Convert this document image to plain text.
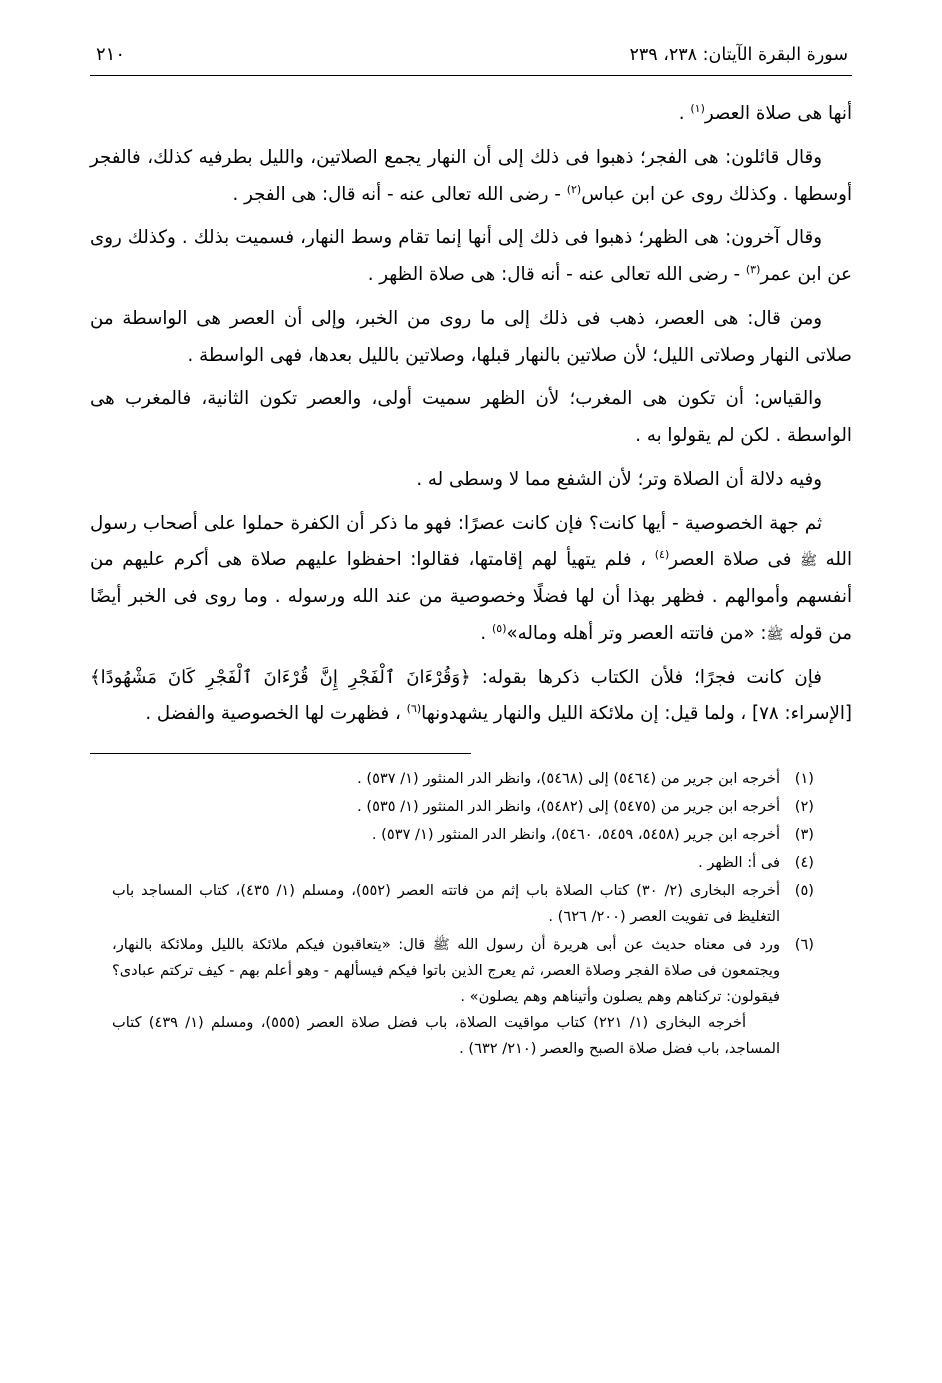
سورة البقرة الآيتان: ٢٣٨، ٢٣٩
٢١٠

أنها هى صلاة العصر$^{(١)}$ .

وقال قائلون: هى الفجر؛ ذهبوا فى ذلك إلى أن النهار يجمع الصلاتين، والليل بطرفيه كذلك، فالفجر أوسطها . وكذلك روى عن ابن عباس$^{(٢)}$ - رضى الله تعالى عنه - أنه قال: هى الفجر .

وقال آخرون: هى الظهر؛ ذهبوا فى ذلك إلى أنها إنما تقام وسط النهار، فسميت بذلك . وكذلك روى عن ابن عمر$^{(٣)}$ - رضى الله تعالى عنه - أنه قال: هى صلاة الظهر .

ومن قال: هى العصر، ذهب فى ذلك إلى ما روى من الخبر، وإلى أن العصر هى الواسطة من صلاتى النهار وصلاتى الليل؛ لأن صلاتين بالنهار قبلها، وصلاتين بالليل بعدها، فهى الواسطة .

والقياس: أن تكون هى المغرب؛ لأن الظهر سميت أولى، والعصر تكون الثانية، فالمغرب هى الواسطة . لكن لم يقولوا به .

وفيه دلالة أن الصلاة وتر؛ لأن الشفع مما لا وسطى له .

ثم جهة الخصوصية - أيها كانت؟ فإن كانت عصرًا: فهو ما ذكر أن الكفرة حملوا على أصحاب رسول الله ﷺ فى صلاة العصر$^{(٤)}$ ، فلم يتهيأ لهم إقامتها، فقالوا: احفظوا عليهم صلاة هى أكرم عليهم من أنفسهم وأموالهم . فظهر بهذا أن لها فضلًا وخصوصية من عند الله ورسوله . وما روى فى الخبر أيضًا من قوله ﷺ: «من فاتته العصر وتر أهله وماله»$^{(٥)}$ .

فإن كانت فجرًا؛ فلأن الكتاب ذكرها بقوله: ﴿وَقُرْءَانَ ٱلْفَجْرِ إِنَّ قُرْءَانَ ٱلْفَجْرِ كَانَ مَشْهُودًا﴾ [الإسراء: ٧٨] ، ولما قيل: إن ملائكة الليل والنهار يشهدونها$^{(٦)}$ ، فظهرت لها الخصوصية والفضل .

(١)
أخرجه ابن جرير من (٥٤٦٤) إلى (٥٤٦٨)، وانظر الدر المنثور (١/ ٥٣٧) .
(٢)
أخرجه ابن جرير من (٥٤٧٥) إلى (٥٤٨٢)، وانظر الدر المنثور (١/ ٥٣٥) .
(٣)
أخرجه ابن جرير (٥٤٥٨، ٥٤٥٩، ٥٤٦٠)، وانظر الدر المنثور (١/ ٥٣٧) .
(٤)
فى أ: الظهر .
(٥)
أخرجه البخارى (٢/ ٣٠) كتاب الصلاة باب إثم من فاتته العصر (٥٥٢)، ومسلم (١/ ٤٣٥)، كتاب المساجد باب التغليظ فى تفويت العصر (٢٠٠/ ٦٢٦) .
(٦)
ورد فى معناه حديث عن أبى هريرة أن رسول الله ﷺ قال: «يتعاقبون فيكم ملائكة بالليل وملائكة بالنهار، ويجتمعون فى صلاة الفجر وصلاة العصر، ثم يعرج الذين باتوا فيكم فيسألهم - وهو أعلم بهم - كيف تركتم عبادى؟ فيقولون: تركناهم وهم يصلون وأتيناهم وهم يصلون» .
أخرجه البخارى (١/ ٢٢١) كتاب مواقيت الصلاة، باب فضل صلاة العصر (٥٥٥)، ومسلم (١/ ٤٣٩) كتاب المساجد، باب فضل صلاة الصبح والعصر (٢١٠/ ٦٣٢) .
